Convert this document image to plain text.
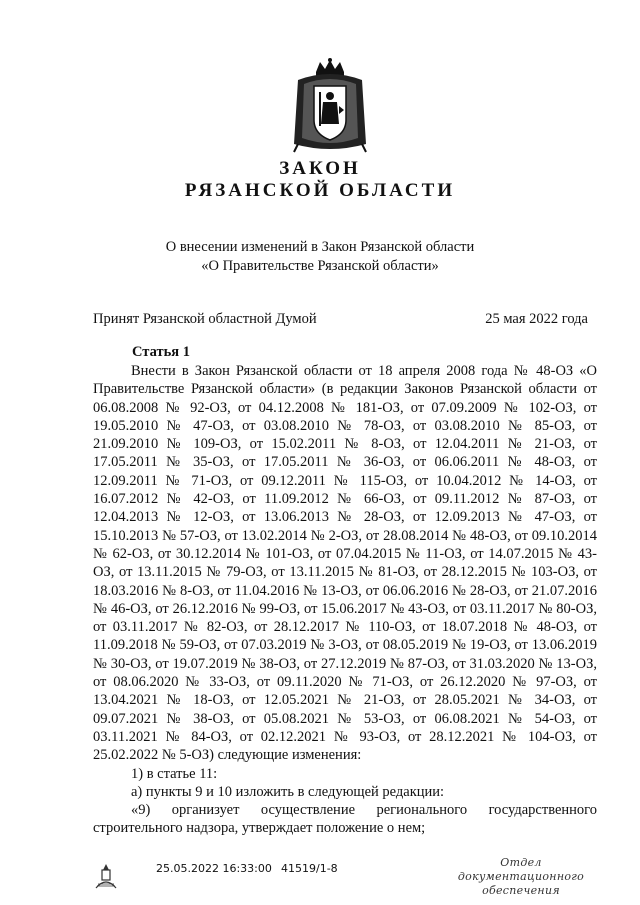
ЗАКОН
РЯЗАНСКОЙ ОБЛАСТИ
О внесении изменений в Закон Рязанской области
«О Правительстве Рязанской области»
Принят Рязанской областной Думой	25 мая 2022 года
Статья 1

Внести в Закон Рязанской области от 18 апреля 2008 года № 48-ОЗ «О Правительстве Рязанской области» (в редакции Законов Рязанской области от 06.08.2008 № 92-ОЗ, от 04.12.2008 № 181-ОЗ, от 07.09.2009 № 102-ОЗ, от 19.05.2010 № 47-ОЗ, от 03.08.2010 № 78-ОЗ, от 03.08.2010 № 85-ОЗ, от 21.09.2010 № 109-ОЗ, от 15.02.2011 № 8-ОЗ, от 12.04.2011 № 21-ОЗ, от 17.05.2011 № 35-ОЗ, от 17.05.2011 № 36-ОЗ, от 06.06.2011 № 48-ОЗ, от 12.09.2011 № 71-ОЗ, от 09.12.2011 № 115-ОЗ, от 10.04.2012 № 14-ОЗ, от 16.07.2012 № 42-ОЗ, от 11.09.2012 № 66-ОЗ, от 09.11.2012 № 87-ОЗ, от 12.04.2013 № 12-ОЗ, от 13.06.2013 № 28-ОЗ, от 12.09.2013 № 47-ОЗ, от 15.10.2013 № 57-ОЗ, от 13.02.2014 № 2-ОЗ, от 28.08.2014 № 48-ОЗ, от 09.10.2014 № 62-ОЗ, от 30.12.2014 № 101-ОЗ, от 07.04.2015 № 11-ОЗ, от 14.07.2015 № 43-ОЗ, от 13.11.2015 № 79-ОЗ, от 13.11.2015 № 81-ОЗ, от 28.12.2015 № 103-ОЗ, от 18.03.2016 № 8-ОЗ, от 11.04.2016 № 13-ОЗ, от 06.06.2016 № 28-ОЗ, от 21.07.2016 № 46-ОЗ, от 26.12.2016 № 99-ОЗ, от 15.06.2017 № 43-ОЗ, от 03.11.2017 № 80-ОЗ, от 03.11.2017 № 82-ОЗ, от 28.12.2017 № 110-ОЗ, от 18.07.2018 № 48-ОЗ, от 11.09.2018 № 59-ОЗ, от 07.03.2019 № 3-ОЗ, от 08.05.2019 № 19-ОЗ, от 13.06.2019 № 30-ОЗ, от 19.07.2019 № 38-ОЗ, от 27.12.2019 № 87-ОЗ, от 31.03.2020 № 13-ОЗ, от 08.06.2020 № 33-ОЗ, от 09.11.2020 № 71-ОЗ, от 26.12.2020 № 97-ОЗ, от 13.04.2021 № 18-ОЗ, от 12.05.2021 № 21-ОЗ, от 28.05.2021 № 34-ОЗ, от 09.07.2021 № 38-ОЗ, от 05.08.2021 № 53-ОЗ, от 06.08.2021 № 54-ОЗ, от 03.11.2021 № 84-ОЗ, от 02.12.2021 № 93-ОЗ, от 28.12.2021 № 104-ОЗ, от 25.02.2022 № 5-ОЗ) следующие изменения:

1) в статье 11:

а) пункты 9 и 10 изложить в следующей редакции:

«9) организует осуществление регионального государственного строительного надзора, утверждает положение о нем;

25.05.2022 16:33:00 41519/1-8	Отдел документационного
обеспечения
